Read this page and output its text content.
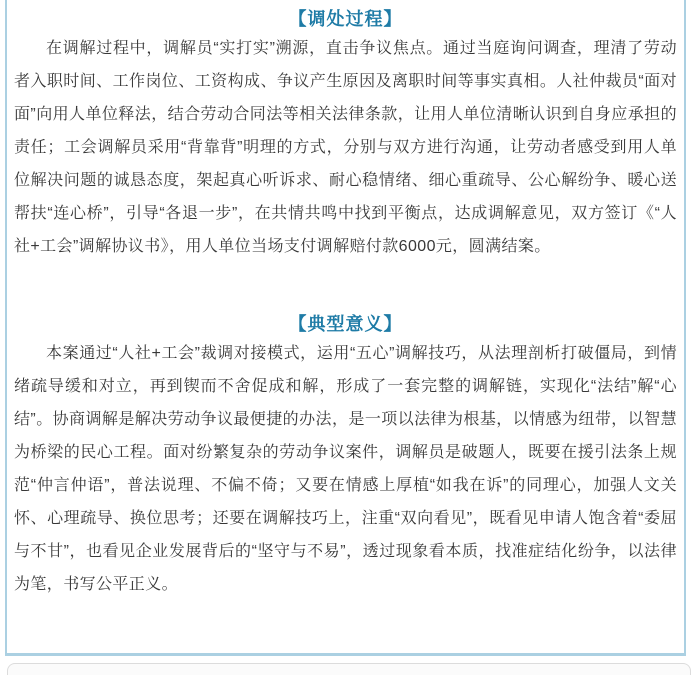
【调处过程】

在调解过程中，调解员“实打实”溯源，直击争议焦点。通过当庭询问调查，理清了劳动者入职时间、工作岗位、工资构成、争议产生原因及离职时间等事实真相。人社仲裁员“面对面”向用人单位释法，结合劳动合同法等相关法律条款，让用人单位清晰认识到自身应承担的责任；工会调解员采用“背靠背”明理的方式，分别与双方进行沟通，让劳动者感受到用人单位解决问题的诚恳态度，架起真心听诉求、耐心稳情绪、细心重疏导、公心解纷争、暖心送帮扶“连心桥”，引导“各退一步”，在共情共鸣中找到平衡点，达成调解意见，双方签订《“人社+工会”调解协议书》，用人单位当场支付调解赔付款6000元，圆满结案。

【典型意义】

本案通过“人社+工会”裁调对接模式，运用“五心”调解技巧，从法理剖析打破僵局，到情绪疏导缓和对立，再到锲而不舍促成和解，形成了一套完整的调解链，实现化“法结”解“心结”。协商调解是解决劳动争议最便捷的办法，是一项以法律为根基，以情感为纽带，以智慧为桥梁的民心工程。面对纷繁复杂的劳动争议案件，调解员是破题人，既要在援引法条上规范“仲言仲语”，普法说理、不偏不倚；又要在情感上厚植“如我在诉”的同理心，加强人文关怀、心理疏导、换位思考；还要在调解技巧上，注重“双向看见”，既看见申请人饱含着“委屈与不甘”，也看见企业发展背后的“坚守与不易”，透过现象看本质，找准症结化纷争，以法律为笔，书写公平正义。
